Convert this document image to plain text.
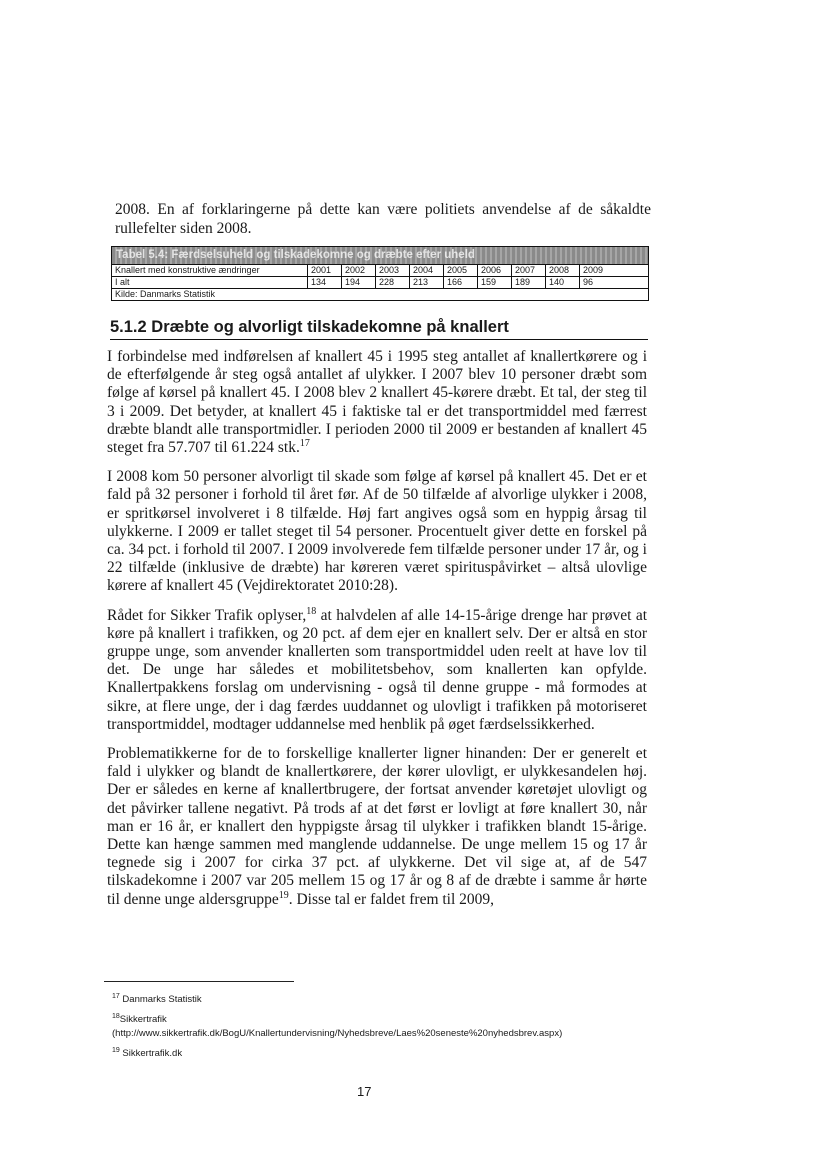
2008. En af forklaringerne på dette kan være politiets anvendelse af de såkaldte rullefelter siden 2008.
Tabel 5.4: Færdselsuheld og tilskadekomne og dræbte efter uheld
Knallert med konstruktive ændringer	2001	2002	2003	2004	2005	2006	2007	2008	2009
I alt	134	194	228	213	166	159	189	140	96
Kilde: Danmarks Statistik
5.1.2 Dræbte og alvorligt tilskadekomne på knallert

I forbindelse med indførelsen af knallert 45 i 1995 steg antallet af knallertkørere og i de efterfølgende år steg også antallet af ulykker. I 2007 blev 10 personer dræbt som følge af kørsel på knallert 45. I 2008 blev 2 knallert 45-kørere dræbt. Et tal, der steg til 3 i 2009. Det betyder, at knallert 45 i faktiske tal er det transportmiddel med færrest dræbte blandt alle transportmidler. I perioden 2000 til 2009 er bestanden af knallert 45 steget fra 57.707 til 61.224 stk.$^{17}$

I 2008 kom 50 personer alvorligt til skade som følge af kørsel på knallert 45. Det er et fald på 32 personer i forhold til året før. Af de 50 tilfælde af alvorlige ulykker i 2008, er spritkørsel involveret i 8 tilfælde. Høj fart angives også som en hyppig årsag til ulykkerne. I 2009 er tallet steget til 54 personer. Procentuelt giver dette en forskel på ca. 34 pct. i forhold til 2007. I 2009 involverede fem tilfælde personer under 17 år, og i 22 tilfælde (inklusive de dræbte) har køreren været spirituspåvirket – altså ulovlige kørere af knallert 45 (Vejdirektoratet 2010:28).

Rådet for Sikker Trafik oplyser,$^{18}$ at halvdelen af alle 14-15-årige drenge har prøvet at køre på knallert i trafikken, og 20 pct. af dem ejer en knallert selv. Der er altså en stor gruppe unge, som anvender knallerten som transportmiddel uden reelt at have lov til det. De unge har således et mobilitetsbehov, som knallerten kan opfylde. Knallertpakkens forslag om undervisning - også til denne gruppe - må formodes at sikre, at flere unge, der i dag færdes uuddannet og ulovligt i trafikken på motoriseret transportmiddel, modtager uddannelse med henblik på øget færdselssikkerhed.

Problematikkerne for de to forskellige knallerter ligner hinanden: Der er generelt et fald i ulykker og blandt de knallertkørere, der kører ulovligt, er ulykkesandelen høj. Der er således en kerne af knallertbrugere, der fortsat anvender køretøjet ulovligt og det påvirker tallene negativt. På trods af at det først er lovligt at føre knallert 30, når man er 16 år, er knallert den hyppigste årsag til ulykker i trafikken blandt 15-årige. Dette kan hænge sammen med manglende uddannelse. De unge mellem 15 og 17 år tegnede sig i 2007 for cirka 37 pct. af ulykkerne. Det vil sige at, af de 547 tilskadekomne i 2007 var 205 mellem 15 og 17 år og 8 af de dræbte i samme år hørte til denne unge aldersgruppe$^{19}$. Disse tal er faldet frem til 2009,

$^{17}$ Danmarks Statistik
$^{18}$Sikkertrafik
(http://www.sikkertrafik.dk/BogU/Knallertundervisning/Nyhedsbreve/Laes%20seneste%20nyhedsbrev.aspx)
$^{19}$ Sikkertrafik.dk
17
